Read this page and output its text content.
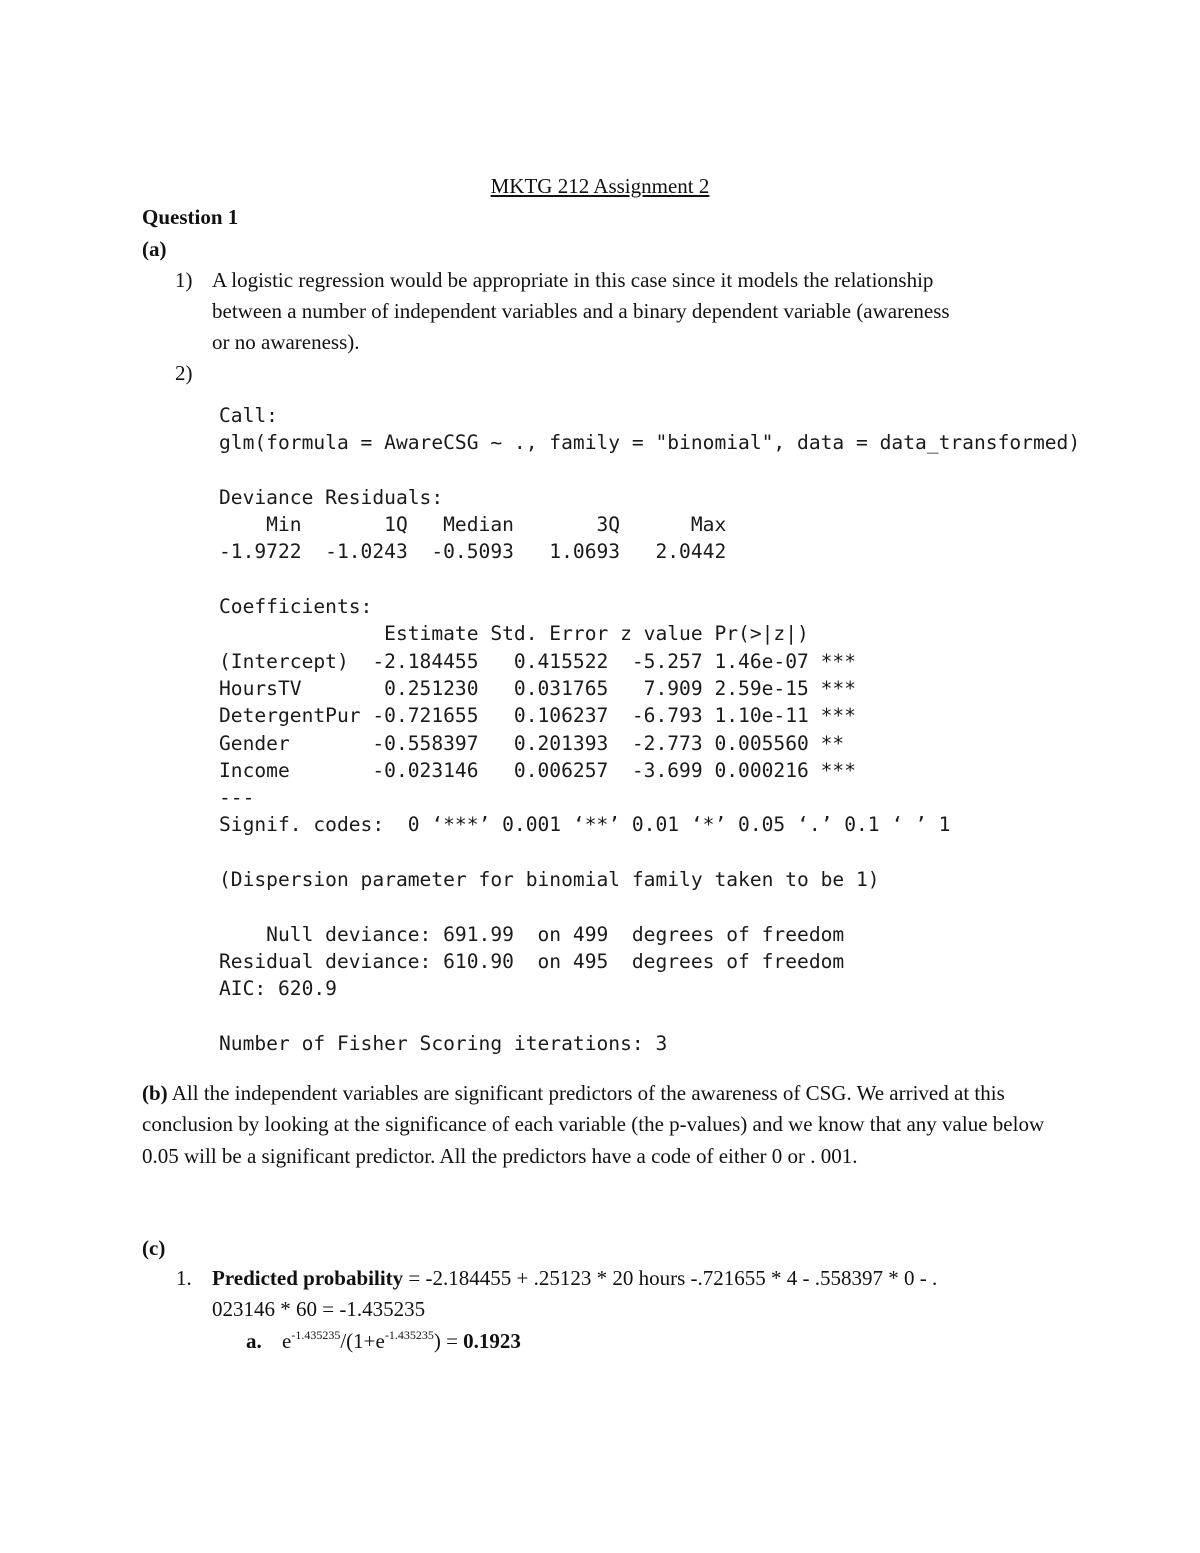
MKTG 212 Assignment 2
Question 1
(a)
1) A logistic regression would be appropriate in this case since it models the relationship
between a number of independent variables and a binary dependent variable (awareness
or no awareness).
2)
Call:
glm(formula = AwareCSG ~ ., family = "binomial", data = data_transformed)

Deviance Residuals:
Min       1Q   Median       3Q      Max
-1.9722  -1.0243  -0.5093   1.0693   2.0442

Coefficients:
Estimate Std. Error z value Pr(>|z|)
(Intercept)  -2.184455   0.415522  -5.257 1.46e-07 ***
HoursTV       0.251230   0.031765   7.909 2.59e-15 ***
DetergentPur -0.721655   0.106237  -6.793 1.10e-11 ***
Gender       -0.558397   0.201393  -2.773 0.005560 **
Income       -0.023146   0.006257  -3.699 0.000216 ***
---
Signif. codes:  0 ‘***’ 0.001 ‘**’ 0.01 ‘*’ 0.05 ‘.’ 0.1 ‘ ’ 1

(Dispersion parameter for binomial family taken to be 1)

Null deviance: 691.99  on 499  degrees of freedom
Residual deviance: 610.90  on 495  degrees of freedom
AIC: 620.9

Number of Fisher Scoring iterations: 3
(b) All the independent variables are significant predictors of the awareness of CSG. We arrived at this conclusion by looking at the significance of each variable (the p-values) and we know that any value below 0.05 will be a significant predictor. All the predictors have a code of either 0 or . 001.
(c)
1. Predicted probability = -2.184455 + .25123 * 20 hours -.721655 * 4 - .558397 * 0 - .
023146 * 60 = -1.435235
a. $e^{-1.435235}/(1+e^{-1.435235}) = 0.1923$
